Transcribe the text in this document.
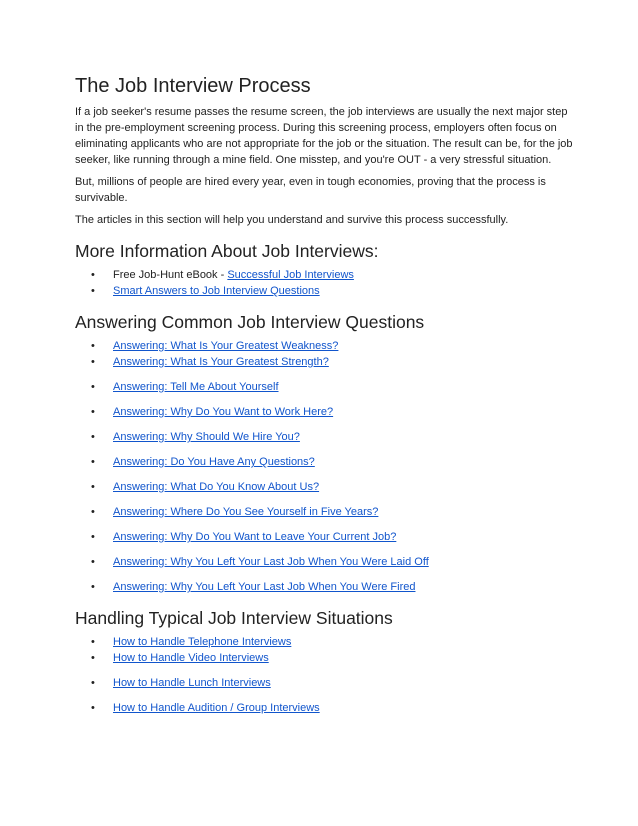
The Job Interview Process

If a job seeker's resume passes the resume screen, the job interviews are usually the next major step in the pre-employment screening process. During this screening process, employers often focus on eliminating applicants who are not appropriate for the job or the situation. The result can be, for the job seeker, like running through a mine field. One misstep, and you're OUT - a very stressful situation.

But, millions of people are hired every year, even in tough economies, proving that the process is survivable.

The articles in this section will help you understand and survive this process successfully.

More Information About Job Interviews:
• Free Job-Hunt eBook - Successful Job Interviews
• Smart Answers to Job Interview Questions
Answering Common Job Interview Questions
• Answering: What Is Your Greatest Weakness?
• Answering: What Is Your Greatest Strength?
• Answering: Tell Me About Yourself
• Answering: Why Do You Want to Work Here?
• Answering: Why Should We Hire You?
• Answering: Do You Have Any Questions?
• Answering: What Do You Know About Us?
• Answering: Where Do You See Yourself in Five Years?
• Answering: Why Do You Want to Leave Your Current Job?
• Answering: Why You Left Your Last Job When You Were Laid Off
• Answering: Why You Left Your Last Job When You Were Fired
Handling Typical Job Interview Situations
• How to Handle Telephone Interviews
• How to Handle Video Interviews
• How to Handle Lunch Interviews
• How to Handle Audition / Group Interviews
